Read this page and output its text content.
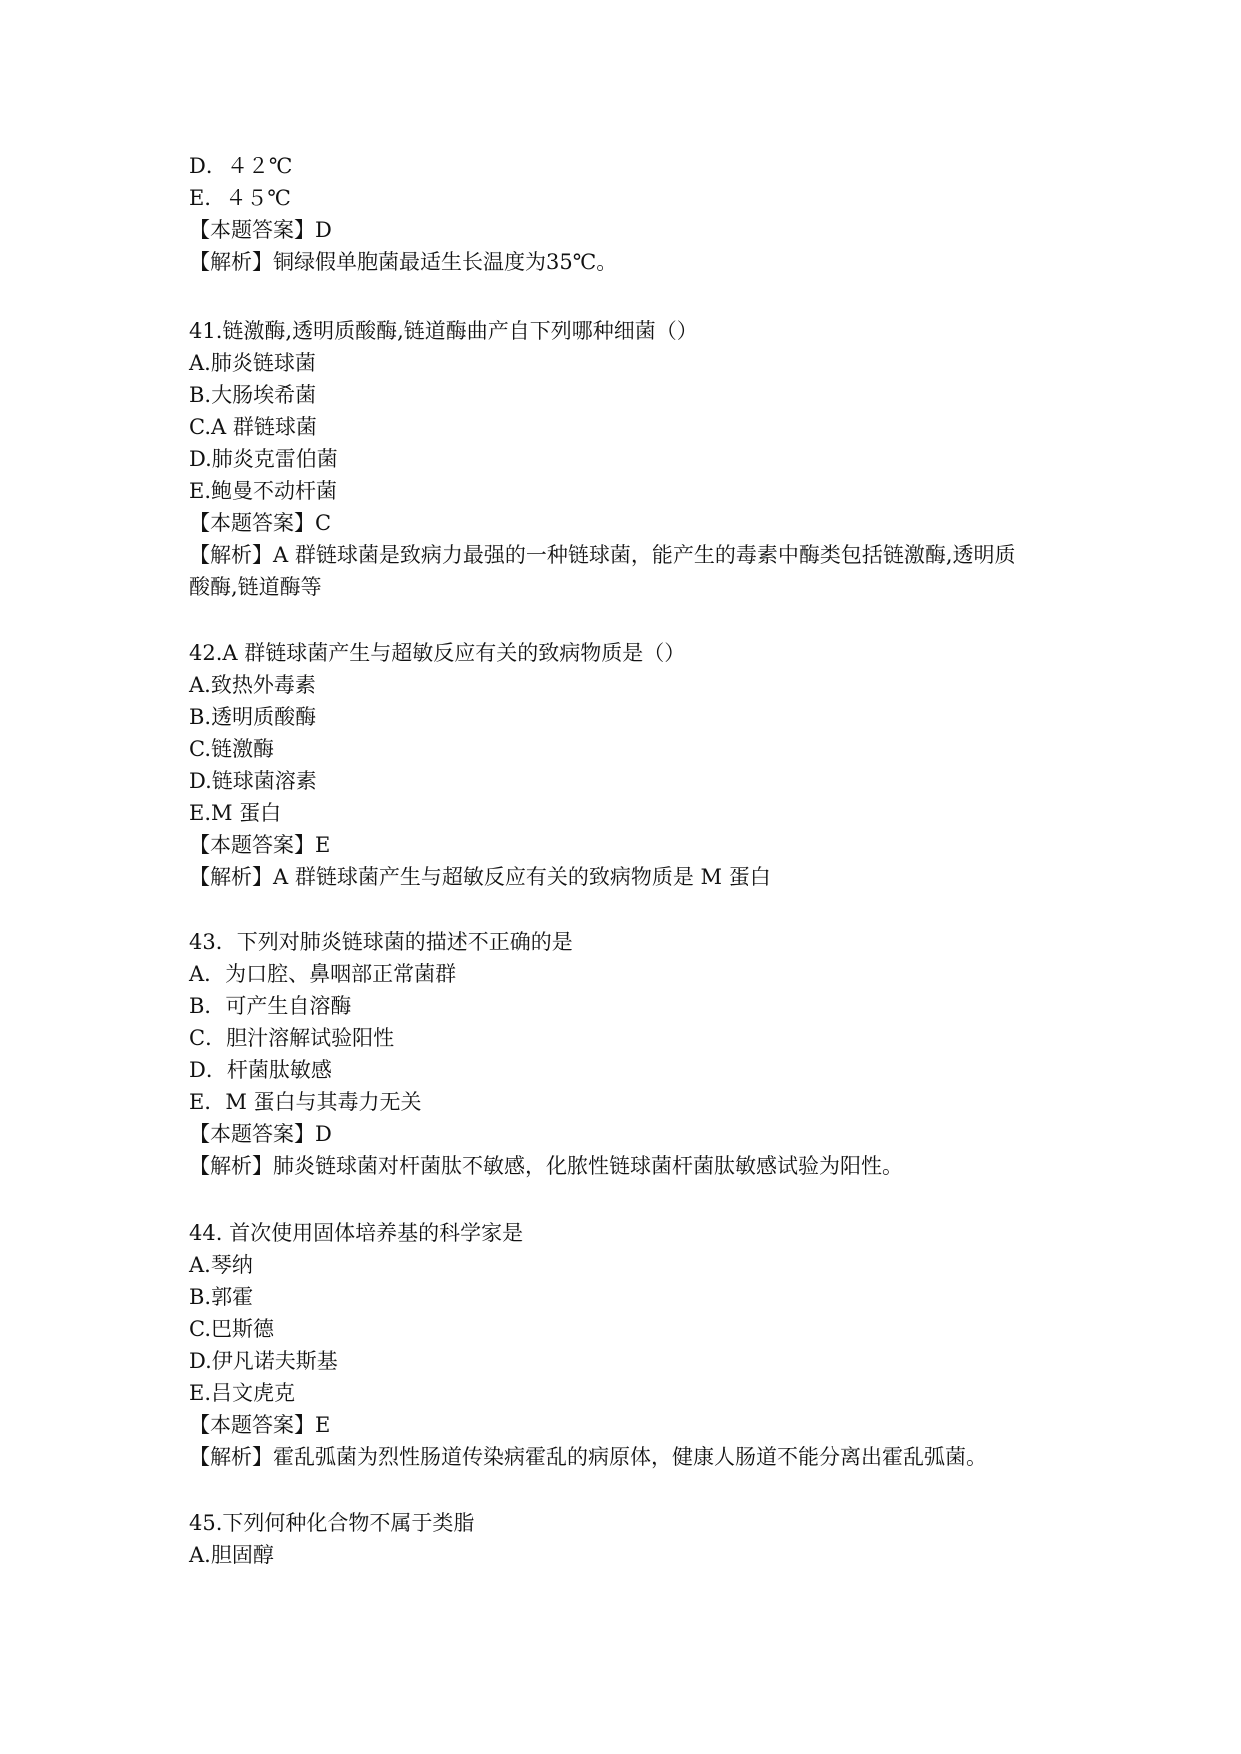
D．４２℃
E．４５℃
【本题答案】D
【解析】铜绿假单胞菌最适生长温度为35℃。
41.链激酶,透明质酸酶,链道酶曲产自下列哪种细菌（）
A.肺炎链球菌
B.大肠埃希菌
C.A 群链球菌
D.肺炎克雷伯菌
E.鲍曼不动杆菌
【本题答案】C
【解析】A 群链球菌是致病力最强的一种链球菌，能产生的毒素中酶类包括链激酶,透明质
酸酶,链道酶等
42.A 群链球菌产生与超敏反应有关的致病物质是（）
A.致热外毒素
B.透明质酸酶
C.链激酶
D.链球菌溶素
E.M 蛋白
【本题答案】E
【解析】A 群链球菌产生与超敏反应有关的致病物质是 M 蛋白
43．下列对肺炎链球菌的描述不正确的是
A．为口腔、鼻咽部正常菌群
B．可产生自溶酶
C．胆汁溶解试验阳性
D．杆菌肽敏感
E．M 蛋白与其毒力无关
【本题答案】D
【解析】肺炎链球菌对杆菌肽不敏感，化脓性链球菌杆菌肽敏感试验为阳性。
44. 首次使用固体培养基的科学家是
A.琴纳
B.郭霍
C.巴斯德
D.伊凡诺夫斯基
E.吕文虎克
【本题答案】E
【解析】霍乱弧菌为烈性肠道传染病霍乱的病原体，健康人肠道不能分离出霍乱弧菌。
45.下列何种化合物不属于类脂
A.胆固醇
